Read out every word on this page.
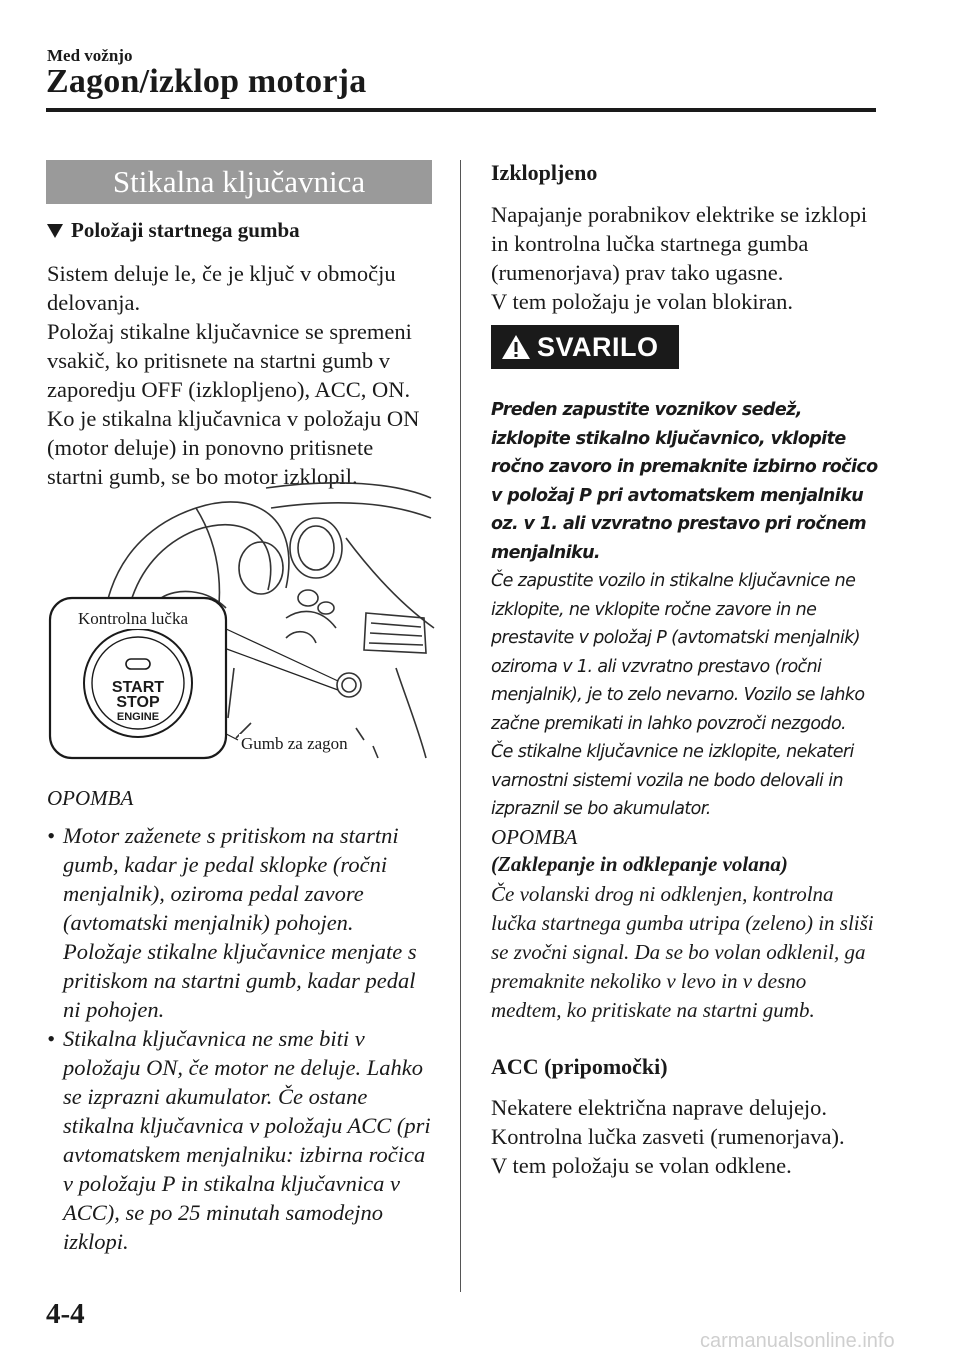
Med vožnjo
Zagon/izklop motorja
Stikalna ključavnica
Položaji startnega gumba

Sistem deluje le, če je ključ v območju delovanja.

Položaj stikalne ključavnice se spremeni vsakič, ko pritisnete na startni gumb v zaporedju OFF (izklopljeno), ACC, ON.

Ko je stikalna ključavnica v položaju ON (motor deluje) in ponovno pritisnete startni gumb, se bo motor izklopil.

Kontrolna lučka
Gumb za zagon
START
STOP
ENGINE
OPOMBA
• Motor zaženete s pritiskom na startni gumb, kadar je pedal sklopke (ročni menjalnik), oziroma pedal zavore (avtomatski menjalnik) pohojen. Položaje stikalne ključavnice menjate s pritiskom na startni gumb, kadar pedal ni pohojen.
• Stikalna ključavnica ne sme biti v položaju ON, če motor ne deluje. Lahko se izprazni akumulator. Če ostane stikalna ključavnica v položaju ACC (pri avtomatskem menjalniku: izbirna ročica v položaju P in stikalna ključavnica v ACC), se po 25 minutah samodejno izklopi.
Izklopljeno

Napajanje porabnikov elektrike se izklopi in kontrolna lučka startnega gumba (rumenorjava) prav tako ugasne.

V tem položaju je volan blokiran.

SVARILO

Preden zapustite voznikov sedež, izklopite stikalno ključavnico, vklopite ročno zavoro in premaknite izbirno ročico v položaj P pri avtomatskem menjalniku oz. v 1. ali vzvratno prestavo pri ročnem menjalniku.

Če zapustite vozilo in stikalne ključavnice ne izklopite, ne vklopite ročne zavore in ne prestavite v položaj P (avtomatski menjalnik) oziroma v 1. ali vzvratno prestavo (ročni menjalnik), je to zelo nevarno. Vozilo se lahko začne premikati in lahko povzroči nezgodo.

Če stikalne ključavnice ne izklopite, nekateri varnostni sistemi vozila ne bodo delovali in izpraznil se bo akumulator.

OPOMBA
(Zaklepanje in odklepanje volana)
Če volanski drog ni odklenjen, kontrolna lučka startnega gumba utripa (zeleno) in sliši se zvočni signal. Da se bo volan odklenil, ga premaknite nekoliko v levo in v desno medtem, ko pritiskate na startni gumb.
ACC (pripomočki)

Nekatere električna naprave delujejo.

Kontrolna lučka zasveti (rumenorjava).

V tem položaju se volan odklene.

4-4
carmanualsonline.info
